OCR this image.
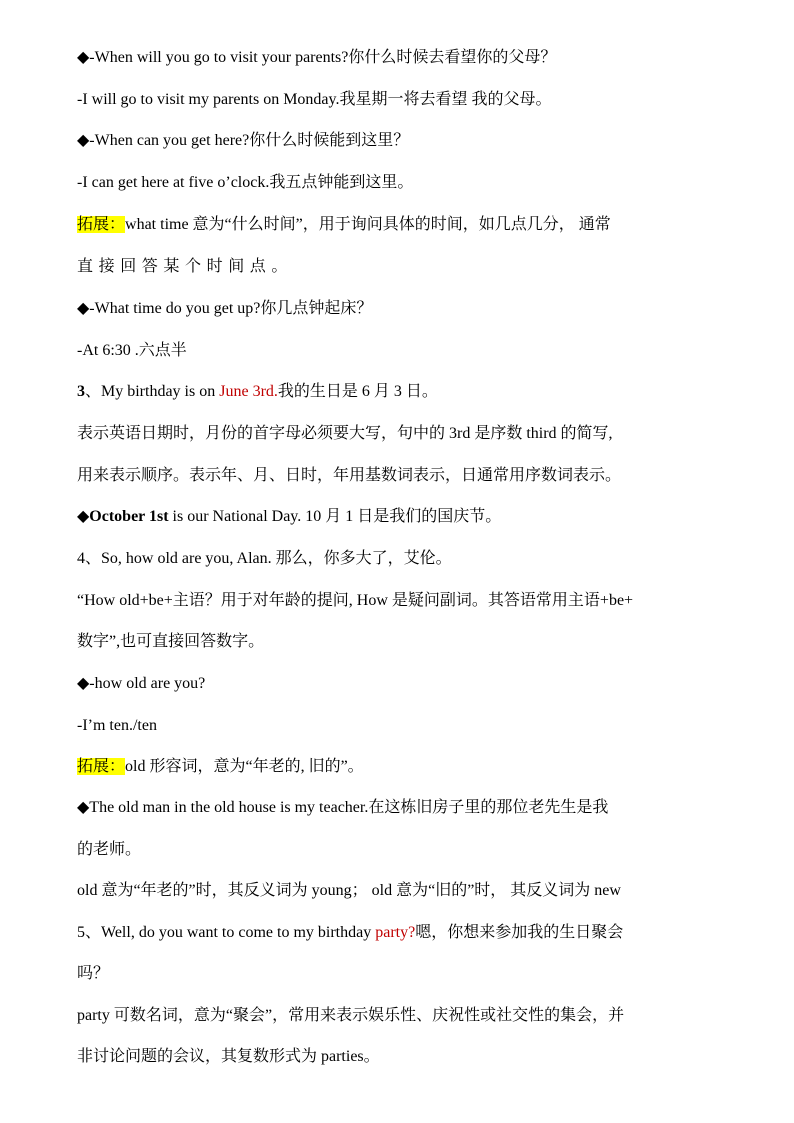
◆-When will you go to visit your parents?你什么时候去看望你的父母？
-I will go to visit my parents on Monday.我星期一将去看望 我的父母。
◆-When can you get here?你什么时候能到这里？
-I can get here at five o’clock.我五点钟能到这里。
拓展：what time 意为“什么时间”，用于询问具体的时间，如几点几分， 通常
直接回答某个时间点。
◆-What time do you get up?你几点钟起床？
-At 6:30 .六点半
3、My birthday is on June 3rd.我的生日是 6 月 3 日。
表示英语日期时，月份的首字母必须要大写，句中的 3rd 是序数 third 的简写,
用来表示顺序。表示年、月、日时，年用基数词表示，日通常用序数词表示。
◆October 1st is our National Day. 10 月 1 日是我们的国庆节。
4、So, how old are you, Alan. 那么，你多大了，艾伦。
“How old+be+主语？用于对年龄的提问, How 是疑问副词。其答语常用主语+be+
数字”,也可直接回答数字。
◆-how old are you?
-I’m ten./ten
拓展：old 形容词，意为“年老的, 旧的”。
◆The old man in the old house is my teacher.在这栋旧房子里的那位老先生是我
的老师。
old 意为“年老的”时，其反义词为 young； old 意为“旧的”时， 其反义词为 new
5、Well, do you want to come to my birthday party?嗯，你想来参加我的生日聚会
吗？
party 可数名词，意为“聚会”，常用来表示娱乐性、庆祝性或社交性的集会，并
非讨论问题的会议，其复数形式为 parties。
